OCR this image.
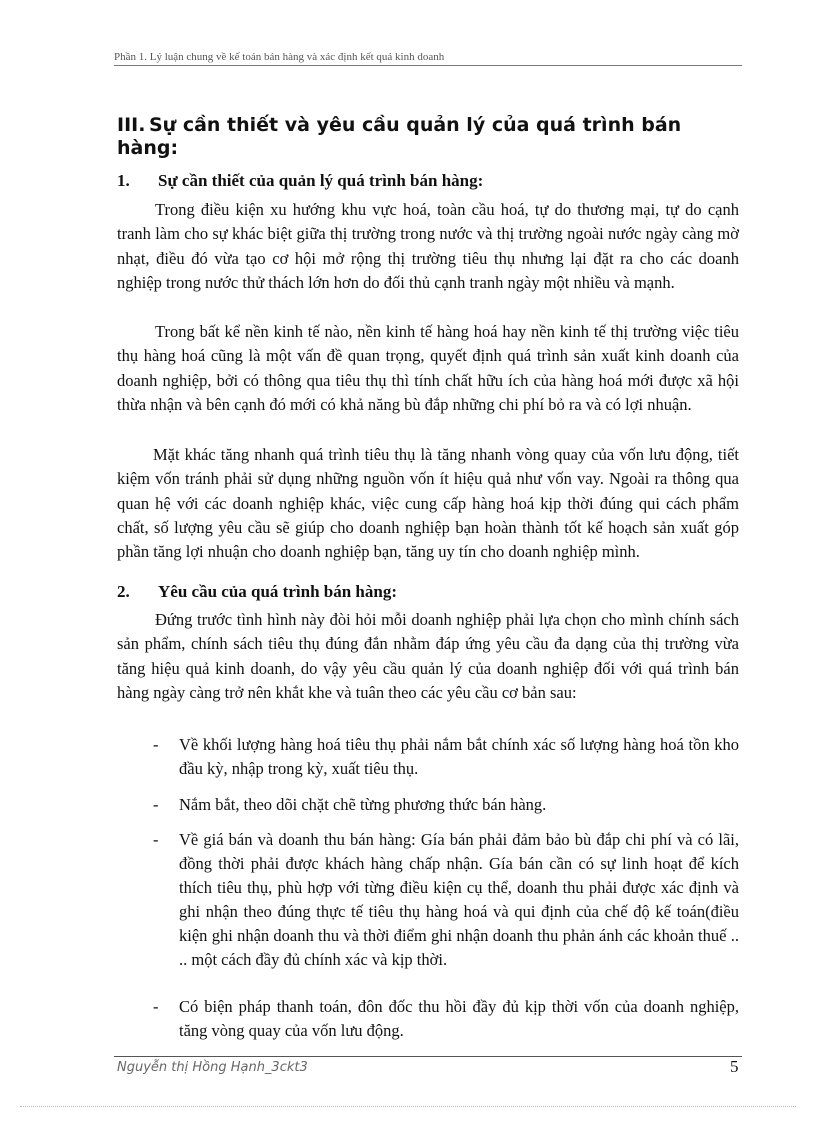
Phần 1. Lý luận chung về kế toán bán hàng và xác định kết quả kinh doanh
III. Sự cần thiết và yêu cầu quản lý của quá trình bán hàng:
1. Sự cần thiết của quản lý quá trình bán hàng:

Trong điều kiện xu hướng khu vực hoá, toàn cầu hoá, tự do thương mại, tự do cạnh tranh làm cho sự khác biệt giữa thị trường trong nước và thị trường ngoài nước ngày càng mờ nhạt, điều đó vừa tạo cơ hội mở rộng thị trường tiêu thụ nhưng lại đặt ra cho các doanh nghiệp trong nước thử thách lớn hơn do đối thủ cạnh tranh ngày một nhiều và mạnh.

Trong bất kể nền kinh tế nào, nền kinh tế hàng hoá hay nền kinh tế thị trường việc tiêu thụ hàng hoá cũng là một vấn đề quan trọng, quyết định quá trình sản xuất kinh doanh của doanh nghiệp, bởi có thông qua tiêu thụ thì tính chất hữu ích của hàng hoá mới được xã hội thừa nhận và bên cạnh đó mới có khả năng bù đắp những chi phí bỏ ra và có lợi nhuận.

Mặt khác tăng nhanh quá trình tiêu thụ là tăng nhanh vòng quay của vốn lưu động, tiết kiệm vốn tránh phải sử dụng những nguồn vốn ít hiệu quả như vốn vay. Ngoài ra thông qua quan hệ với các doanh nghiệp khác, việc cung cấp hàng hoá kịp thời đúng qui cách phẩm chất, số lượng yêu cầu sẽ giúp cho doanh nghiệp bạn hoàn thành tốt kế hoạch sản xuất góp phần tăng lợi nhuận cho doanh nghiệp bạn, tăng uy tín cho doanh nghiệp mình.

2. Yêu cầu của quá trình bán hàng:

Đứng trước tình hình này đòi hỏi mỗi doanh nghiệp phải lựa chọn cho mình chính sách sản phẩm, chính sách tiêu thụ đúng đắn nhằm đáp ứng yêu cầu đa dạng của thị trường vừa tăng hiệu quả kinh doanh, do vậy yêu cầu quản lý của doanh nghiệp đối với quá trình bán hàng ngày càng trở nên khắt khe và tuân theo các yêu cầu cơ bản sau:

-	Về khối lượng hàng hoá tiêu thụ phải nắm bắt chính xác số lượng hàng hoá tồn kho đầu kỳ, nhập trong kỳ, xuất tiêu thụ.
-	Nắm bắt, theo dõi chặt chẽ từng phương thức bán hàng.
-	Về giá bán và doanh thu bán hàng: Gía bán phải đảm bảo bù đắp chi phí và có lãi, đồng thời phải được khách hàng chấp nhận. Gía bán cần có sự linh hoạt để kích thích tiêu thụ, phù hợp với từng điều kiện cụ thể, doanh thu phải được xác định và ghi nhận theo đúng thực tế tiêu thụ hàng hoá và qui định của chế độ kế toán(điều kiện ghi nhận doanh thu và thời điểm ghi nhận doanh thu phản ánh các khoản thuế .. .. một cách đầy đủ chính xác và kịp thời.
-	Có biện pháp thanh toán, đôn đốc thu hồi đầy đủ kịp thời vốn của doanh nghiệp, tăng vòng quay của vốn lưu động.
Nguyễn thị Hồng Hạnh_3ckt3	5
